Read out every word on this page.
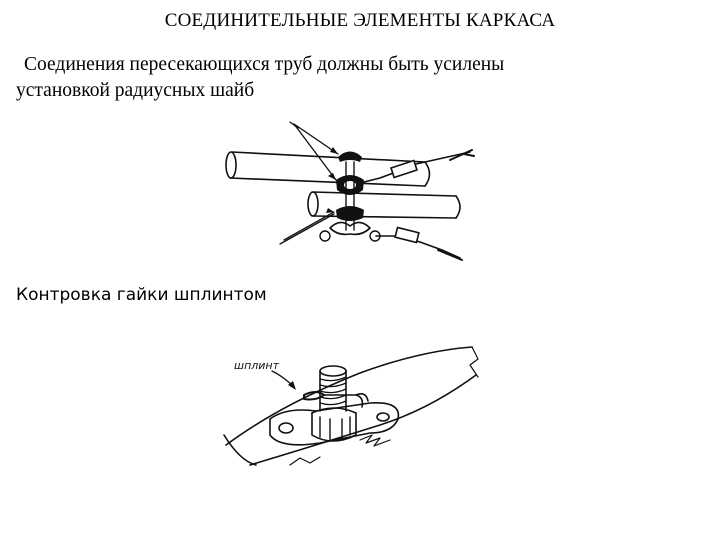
СОЕДИНИТЕЛЬНЫЕ ЭЛЕМЕНТЫ КАРКАСА
Соединения пересекающихся труб должны быть усилены
установкой радиусных шайб
Контровка гайки шплинтом
шплинт
